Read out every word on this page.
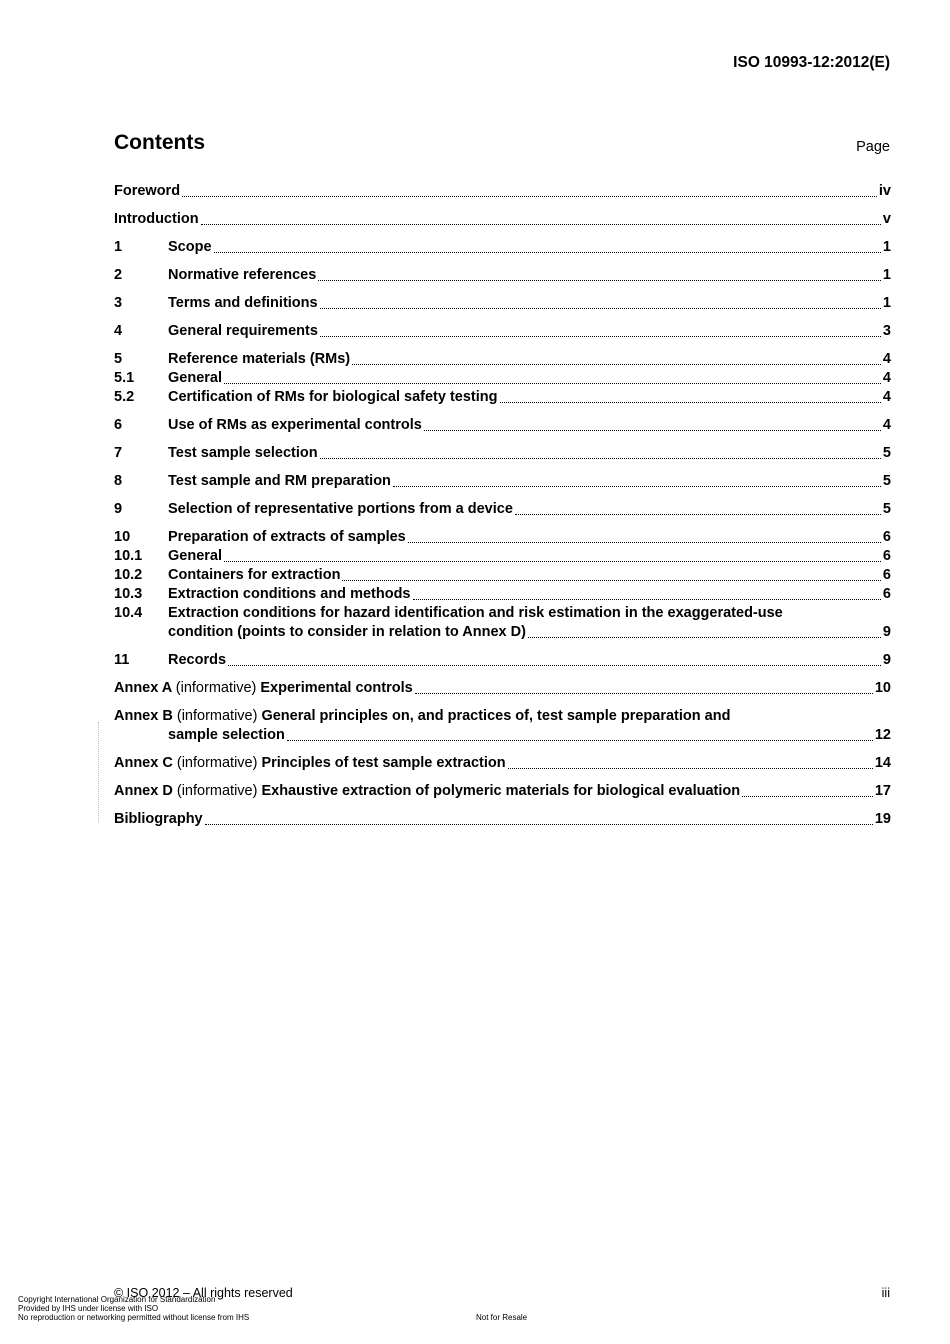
ISO 10993-12:2012(E)
Contents	Page
Foreword	iv
Introduction	v
1	Scope	1
2	Normative references	1
3	Terms and definitions	1
4	General requirements	3
5	Reference materials (RMs)	4
5.1	General	4
5.2	Certification of RMs for biological safety testing	4
6	Use of RMs as experimental controls	4
7	Test sample selection	5
8	Test sample and RM preparation	5
9	Selection of representative portions from a device	5
10	Preparation of extracts of samples	6
10.1	General	6
10.2	Containers for extraction	6
10.3	Extraction conditions and methods	6
10.4	Extraction conditions for hazard identification and risk estimation in the exaggerated-use
condition (points to consider in relation to Annex D)	9
11	Records	9
Annex A (informative) Experimental controls	10
Annex B (informative) General principles on, and practices of, test sample preparation and
sample selection	12
Annex C (informative) Principles of test sample extraction	14
Annex D (informative) Exhaustive extraction of polymeric materials for biological evaluation	17
Bibliography	19
© ISO 2012 – All rights reserved	iii
Copyright International Organization for Standardization
Provided by IHS under license with ISO
No reproduction or networking permitted without license from IHS	Not for Resale
